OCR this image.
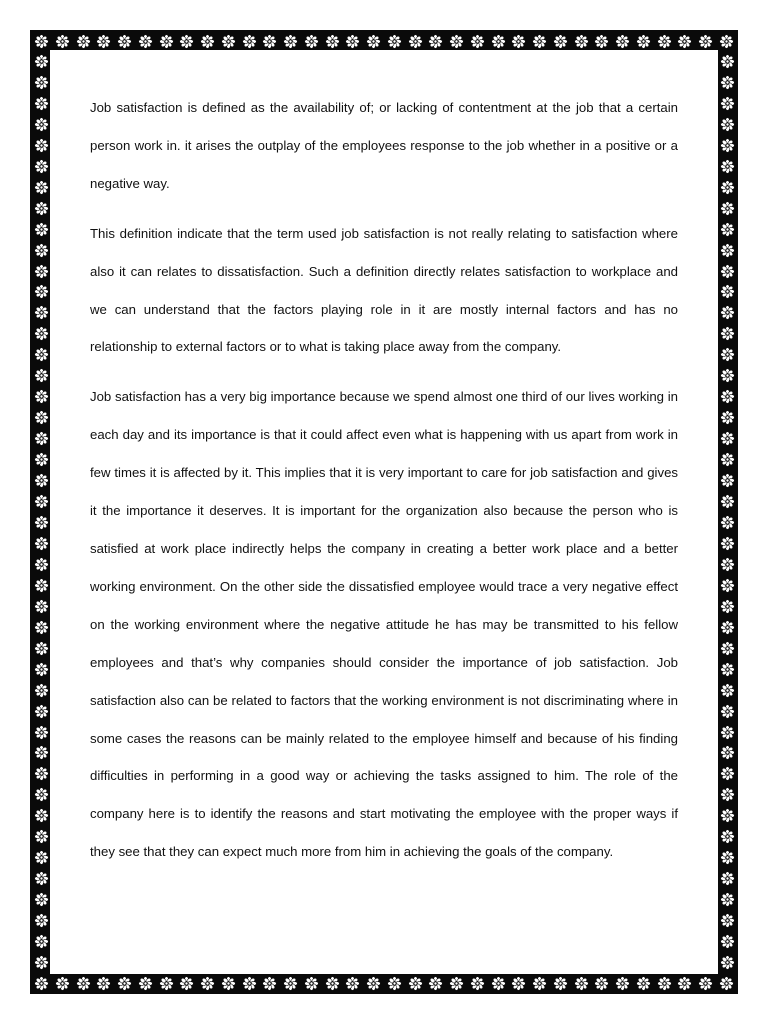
Job satisfaction is defined as the availability of; or lacking of contentment at the job that a certain person work in. it arises the outplay of the employees response to the job whether in a positive or a negative way.

This definition indicate that the term used job satisfaction is not really relating to satisfaction where also it can relates to dissatisfaction. Such a definition directly relates satisfaction to workplace and we can understand that the factors playing role in it are mostly internal factors and has no relationship to external factors or to what is taking place away from the company.

Job satisfaction has a very big importance because we spend almost one third of our lives working in each day and its importance is that it could affect even what is happening with us apart from work in few times it is affected by it. This implies that it is very important to care for job satisfaction and gives it the importance it deserves. It is important for the organization also because the person who is satisfied at work place indirectly helps the company in creating a better work place and a better working environment. On the other side the dissatisfied employee would trace a very negative effect on the working environment where the negative attitude he has may be transmitted to his fellow employees and that’s why companies should consider the importance of job satisfaction. Job satisfaction also can be related to factors that the working environment is not discriminating where in some cases the reasons can be mainly related to the employee himself and because of his finding difficulties in performing in a good way or achieving the tasks assigned to him. The role of the company here is to identify the reasons and start motivating the employee with the proper ways if they see that they can expect much more from him in achieving the goals of the company.
